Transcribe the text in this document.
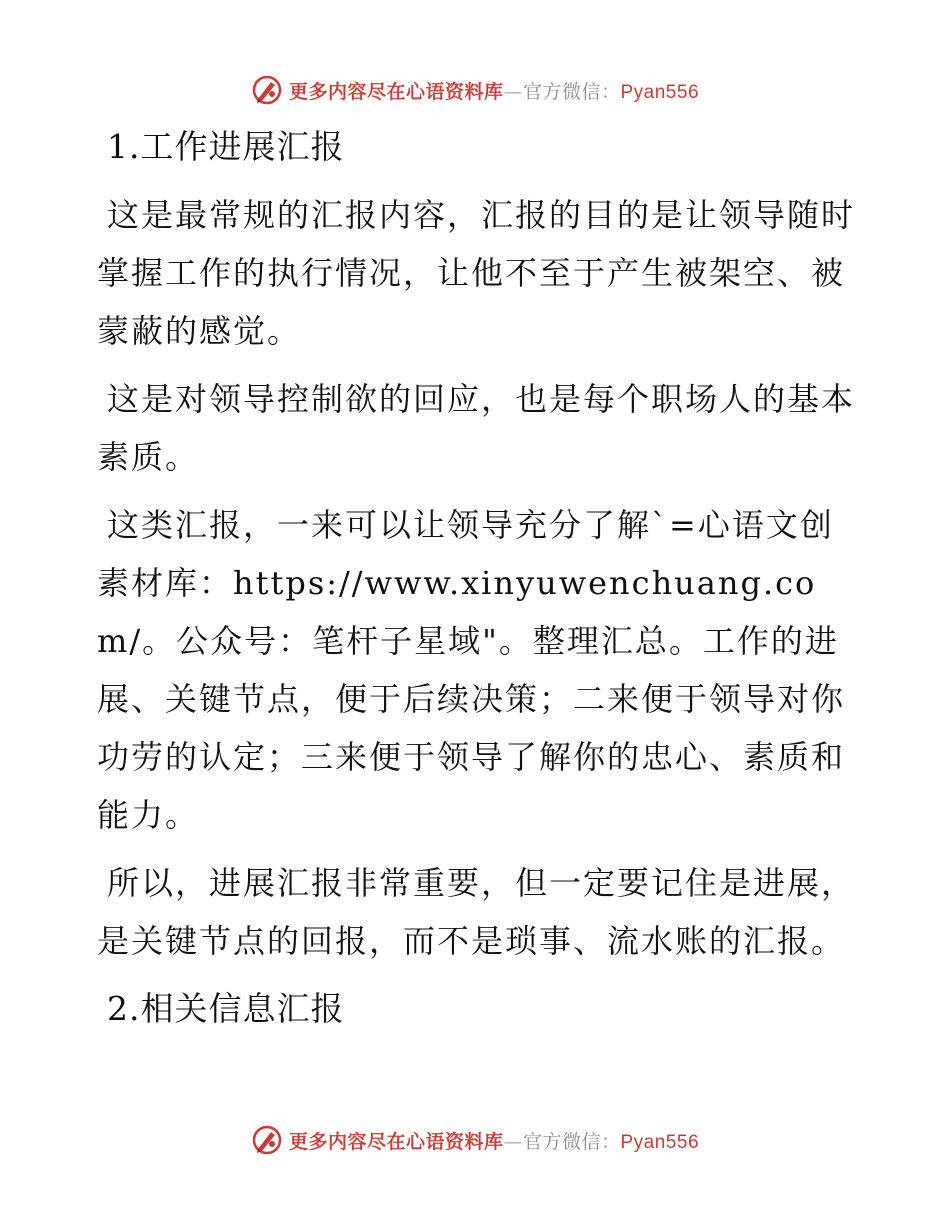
更多内容尽在心语资料库—官方微信：Pyan556
1.工作进展汇报
这是最常规的汇报内容，汇报的目的是让领导随时掌握工作的执行情况，让他不至于产生被架空、被蒙蔽的感觉。
这是对领导控制欲的回应，也是每个职场人的基本素质。
这类汇报，一来可以让领导充分了解`=心语文创素材库：https://www.xinyuwenchuang.com/。公众号：笔杆子星域"。整理汇总。工作的进展、关键节点，便于后续决策；二来便于领导对你功劳的认定；三来便于领导了解你的忠心、素质和能力。
所以，进展汇报非常重要，但一定要记住是进展，是关键节点的回报，而不是琐事、流水账的汇报。
2.相关信息汇报
更多内容尽在心语资料库—官方微信：Pyan556
